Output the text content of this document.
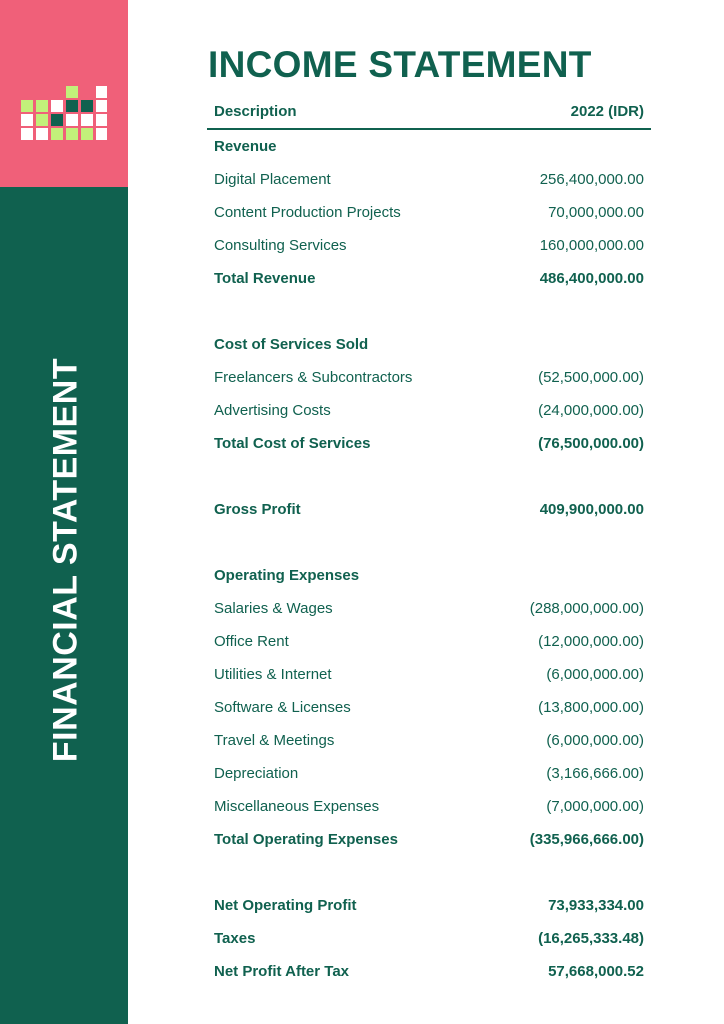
FINANCIAL STATEMENT
INCOME STATEMENT
Description	2022 (IDR)
Revenue
Digital Placement	256,400,000.00
Content Production Projects	70,000,000.00
Consulting Services	160,000,000.00
Total Revenue	486,400,000.00
Cost of Services Sold
Freelancers & Subcontractors	(52,500,000.00)
Advertising Costs	(24,000,000.00)
Total Cost of Services	(76,500,000.00)
Gross Profit	409,900,000.00
Operating Expenses
Salaries & Wages	(288,000,000.00)
Office Rent	(12,000,000.00)
Utilities & Internet	(6,000,000.00)
Software & Licenses	(13,800,000.00)
Travel & Meetings	(6,000,000.00)
Depreciation	(3,166,666.00)
Miscellaneous Expenses	(7,000,000.00)
Total Operating Expenses	(335,966,666.00)
Net Operating Profit	73,933,334.00
Taxes	(16,265,333.48)
Net Profit After Tax	57,668,000.52
